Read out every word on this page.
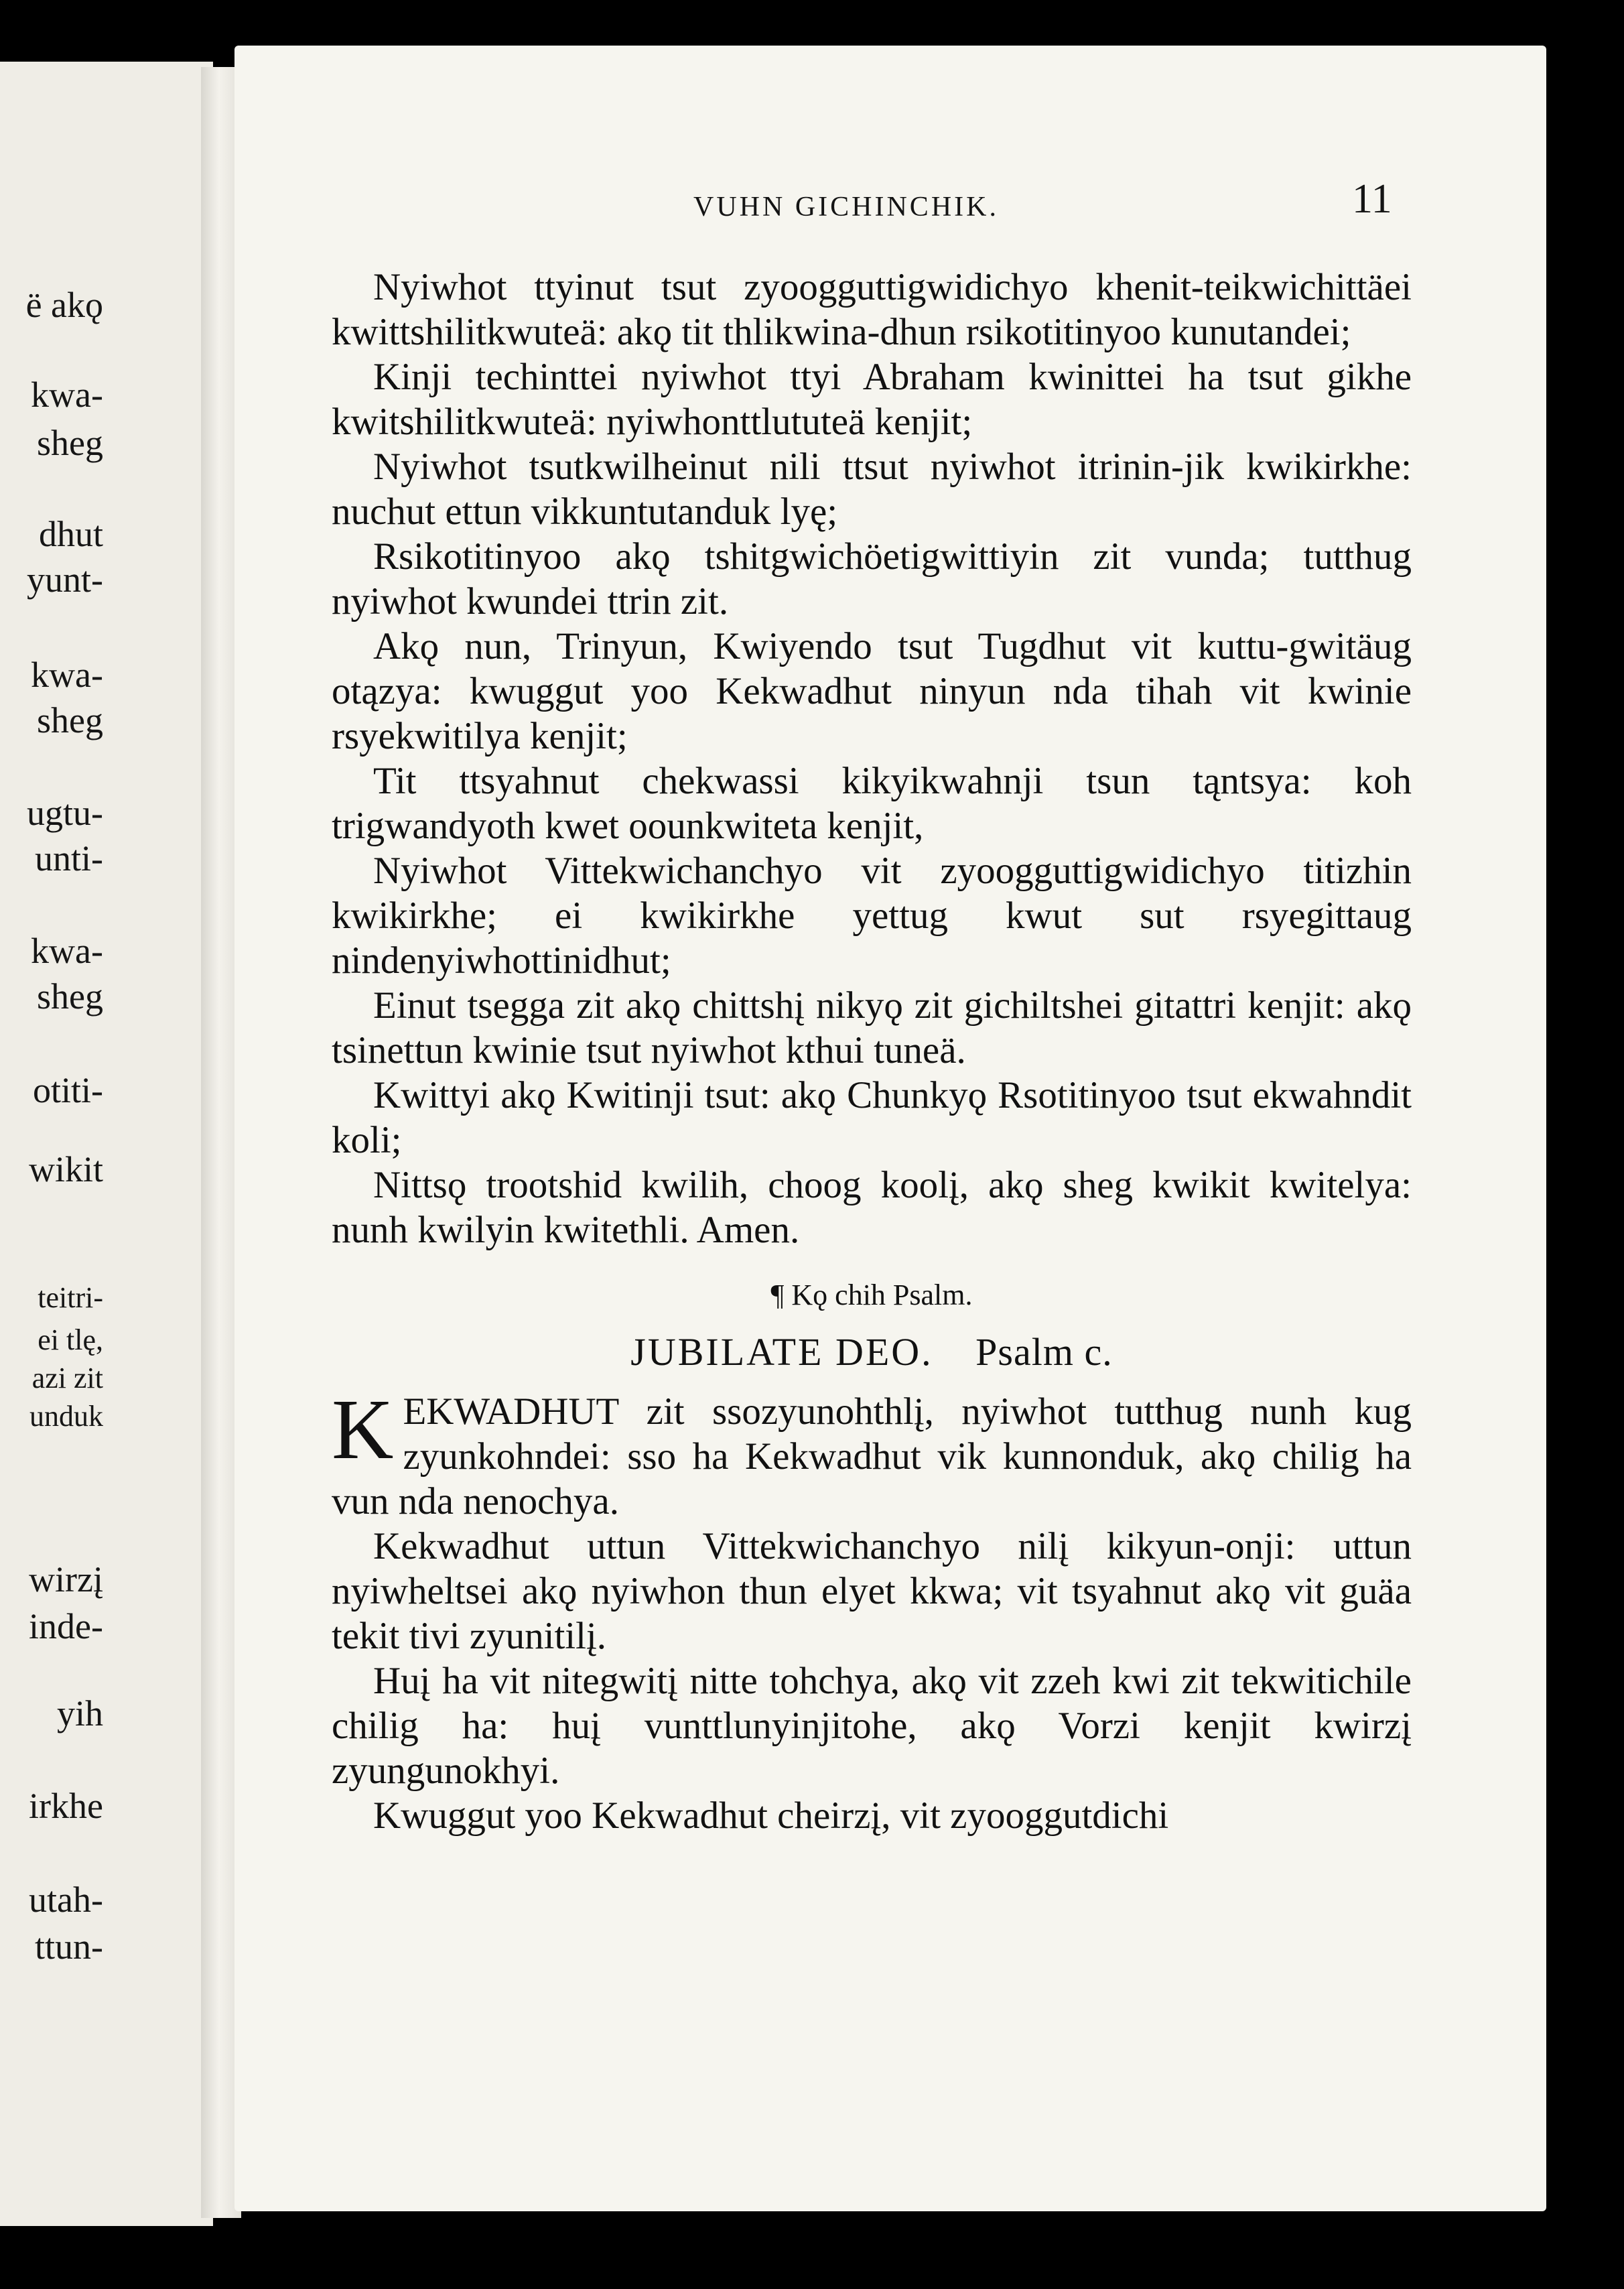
ë akǫ
kwa-
sheg
dhut
yunt-
kwa-
sheg
ugtu-
unti-
kwa-
sheg
otiti-
wikit
teitri-
ei tlę,
azi zit
unduk
wirzį
inde-
yih
irkhe
utah-
ttun-
VUHN GICHINCHIK.	11

Nyiwhot ttyinut tsut zyoogguttigwidichyo khenit-teikwichittäei kwittshilitkwuteä: akǫ tit thlikwina-dhun rsikotitinyoo kunutandei;

Kinji techinttei nyiwhot ttyi Abraham kwinittei ha tsut gikhe kwitshilitkwuteä: nyiwhonttlututeä kenjit;

Nyiwhot tsutkwilheinut nili ttsut nyiwhot itrinin-jik kwikirkhe: nuchut ettun vikkuntutanduk lyę;

Rsikotitinyoo akǫ tshitgwichöetigwittiyin zit vunda; tutthug nyiwhot kwundei ttrin zit.

Akǫ nun, Trinyun, Kwiyendo tsut Tugdhut vit kuttu-gwitäug otązya: kwuggut yoo Kekwadhut ninyun nda tihah vit kwinie rsyekwitilya kenjit;

Tit ttsyahnut chekwassi kikyikwahnji tsun tąntsya: koh trigwandyoth kwet oounkwiteta kenjit,

Nyiwhot Vittekwichanchyo vit zyoogguttigwidichyo titizhin kwikirkhe; ei kwikirkhe yettug kwut sut rsyegittaug nindenyiwhottinidhut;

Einut tsegga zit akǫ chittshį nikyǫ zit gichiltshei gitattri kenjit: akǫ tsinettun kwinie tsut nyiwhot kthui tuneä.

Kwittyi akǫ Kwitinji tsut: akǫ Chunkyǫ Rsotitinyoo tsut ekwahndit koli;

Nittsǫ trootshid kwilih, choog koolį, akǫ sheg kwikit kwitelya: nunh kwilyin kwitethli. Amen.

¶ Kǫ chih Psalm.
JUBILATE DEO. Psalm c.

K EKWADHUT zit ssozyunohthlį, nyiwhot tutthug nunh kug zyunkohndei: sso ha Kekwadhut vik kunnonduk, akǫ chilig ha vun nda nenochya.

Kekwadhut uttun Vittekwichanchyo nilį kikyun-onji: uttun nyiwheltsei akǫ nyiwhon thun elyet kkwa; vit tsyahnut akǫ vit guäa tekit tivi zyunitilį.

Huį ha vit nitegwitį nitte tohchya, akǫ vit zzeh kwi zit tekwitichile chilig ha: huį vunttlunyinjitohe, akǫ Vorzi kenjit kwirzį zyungunokhyi.

Kwuggut yoo Kekwadhut cheirzį, vit zyooggutdichi
